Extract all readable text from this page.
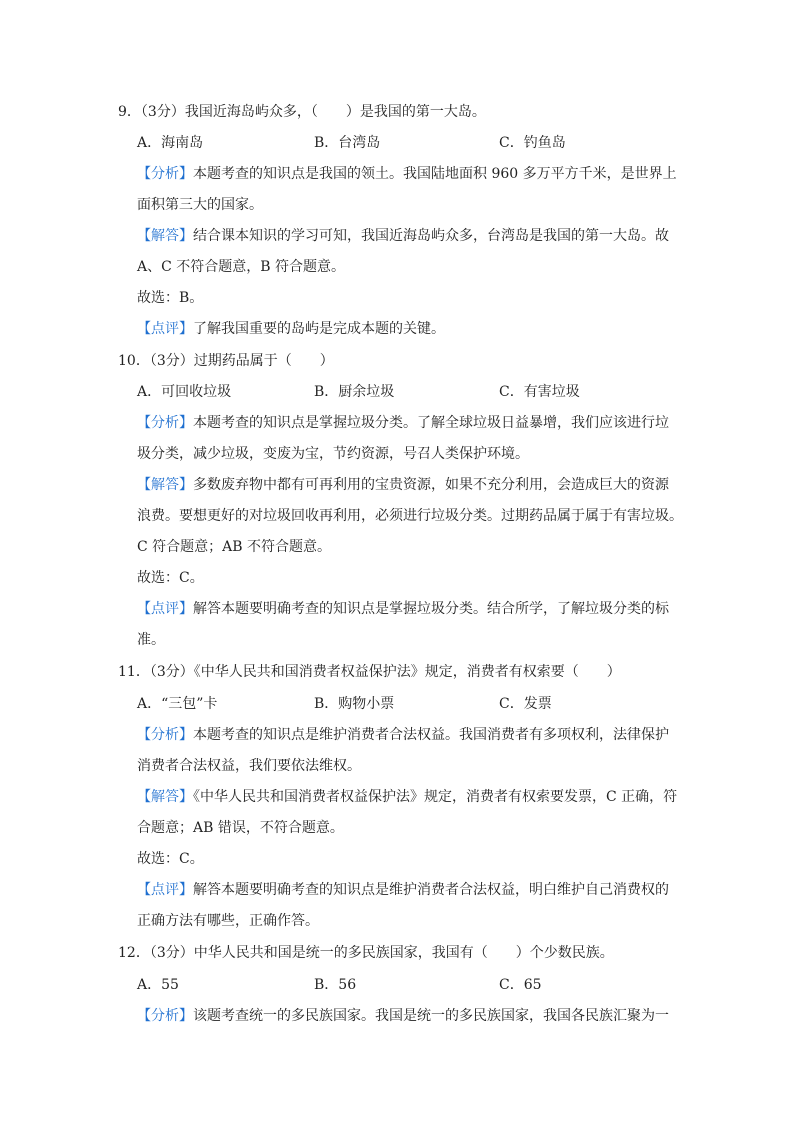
9．（3分）我国近海岛屿众多，（　　）是我国的第一大岛。
A．海南岛	B．台湾岛	C．钓鱼岛
【分析】本题考查的知识点是我国的领土。我国陆地面积 960 多万平方千米，是世界上
面积第三大的国家。
【解答】结合课本知识的学习可知，我国近海岛屿众多，台湾岛是我国的第一大岛。故
A、C 不符合题意，B 符合题意。
故选：B。
【点评】了解我国重要的岛屿是完成本题的关键。
10．（3分）过期药品属于（　　）
A．可回收垃圾	B．厨余垃圾	C．有害垃圾
【分析】本题考查的知识点是掌握垃圾分类。了解全球垃圾日益暴增，我们应该进行垃
圾分类，减少垃圾，变废为宝，节约资源，号召人类保护环境。
【解答】多数废弃物中都有可再利用的宝贵资源，如果不充分利用，会造成巨大的资源
浪费。要想更好的对垃圾回收再利用，必须进行垃圾分类。过期药品属于属于有害垃圾。
C 符合题意；AB 不符合题意。
故选：C。
【点评】解答本题要明确考查的知识点是掌握垃圾分类。结合所学，了解垃圾分类的标
准。
11．（3分）《中华人民共和国消费者权益保护法》规定，消费者有权索要（　　）
A．“三包”卡	B．购物小票	C．发票
【分析】本题考查的知识点是维护消费者合法权益。我国消费者有多项权利，法律保护
消费者合法权益，我们要依法维权。
【解答】《中华人民共和国消费者权益保护法》规定，消费者有权索要发票，C 正确，符
合题意；AB 错误，不符合题意。
故选：C。
【点评】解答本题要明确考查的知识点是维护消费者合法权益，明白维护自己消费权的
正确方法有哪些，正确作答。
12．（3分）中华人民共和国是统一的多民族国家，我国有（　　）个少数民族。
A．55	B．56	C．65
【分析】该题考查统一的多民族国家。我国是统一的多民族国家，我国各民族汇聚为一
